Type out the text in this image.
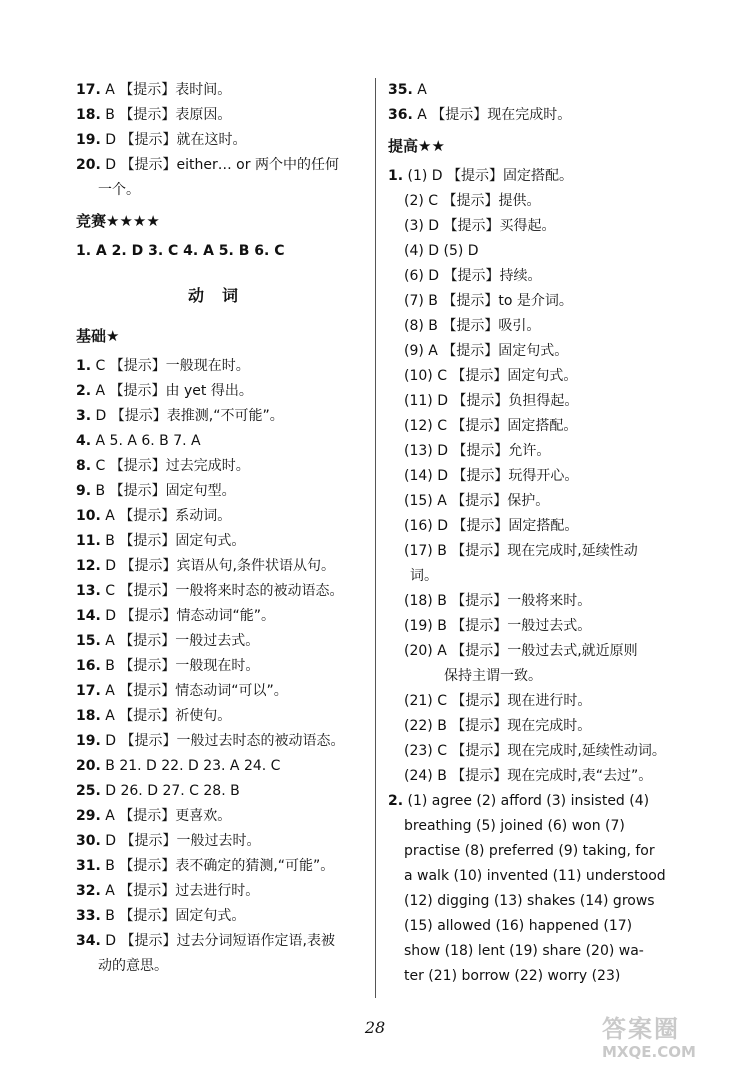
17. A 【提示】表时间。
18. B 【提示】表原因。
19. D 【提示】就在这时。
20. D 【提示】either… or 两个中的任何
一个。
竞赛★★★★
1. A 2. D 3. C 4. A 5. B 6. C
动词
基础★
1. C 【提示】一般现在时。
2. A 【提示】由 yet 得出。
3. D 【提示】表推测,“不可能”。
4. A 5. A 6. B 7. A
8. C 【提示】过去完成时。
9. B 【提示】固定句型。
10. A 【提示】系动词。
11. B 【提示】固定句式。
12. D 【提示】宾语从句,条件状语从句。
13. C 【提示】一般将来时态的被动语态。
14. D 【提示】情态动词“能”。
15. A 【提示】一般过去式。
16. B 【提示】一般现在时。
17. A 【提示】情态动词“可以”。
18. A 【提示】祈使句。
19. D 【提示】一般过去时态的被动语态。
20. B 21. D 22. D 23. A 24. C
25. D 26. D 27. C 28. B
29. A 【提示】更喜欢。
30. D 【提示】一般过去时。
31. B 【提示】表不确定的猜测,“可能”。
32. A 【提示】过去进行时。
33. B 【提示】固定句式。
34. D 【提示】过去分词短语作定语,表被
动的意思。
35. A
36. A 【提示】现在完成时。
提高★★
1. (1) D 【提示】固定搭配。
(2) C 【提示】提供。
(3) D 【提示】买得起。
(4) D (5) D
(6) D 【提示】持续。
(7) B 【提示】to 是介词。
(8) B 【提示】吸引。
(9) A 【提示】固定句式。
(10) C 【提示】固定句式。
(11) D 【提示】负担得起。
(12) C 【提示】固定搭配。
(13) D 【提示】允许。
(14) D 【提示】玩得开心。
(15) A 【提示】保护。
(16) D 【提示】固定搭配。
(17) B 【提示】现在完成时,延续性动
词。
(18) B 【提示】一般将来时。
(19) B 【提示】一般过去式。
(20) A 【提示】一般过去式,就近原则
保持主谓一致。
(21) C 【提示】现在进行时。
(22) B 【提示】现在完成时。
(23) C 【提示】现在完成时,延续性动词。
(24) B 【提示】现在完成时,表“去过”。
2. (1) agree (2) afford (3) insisted (4)
breathing (5) joined (6) won (7)
practise (8) preferred (9) taking, for
a walk (10) invented (11) understood
(12) digging (13) shakes (14) grows
(15) allowed (16) happened (17)
show (18) lent (19) share (20) wa-
ter (21) borrow (22) worry (23)
28	答案圈
MXQE.COM
